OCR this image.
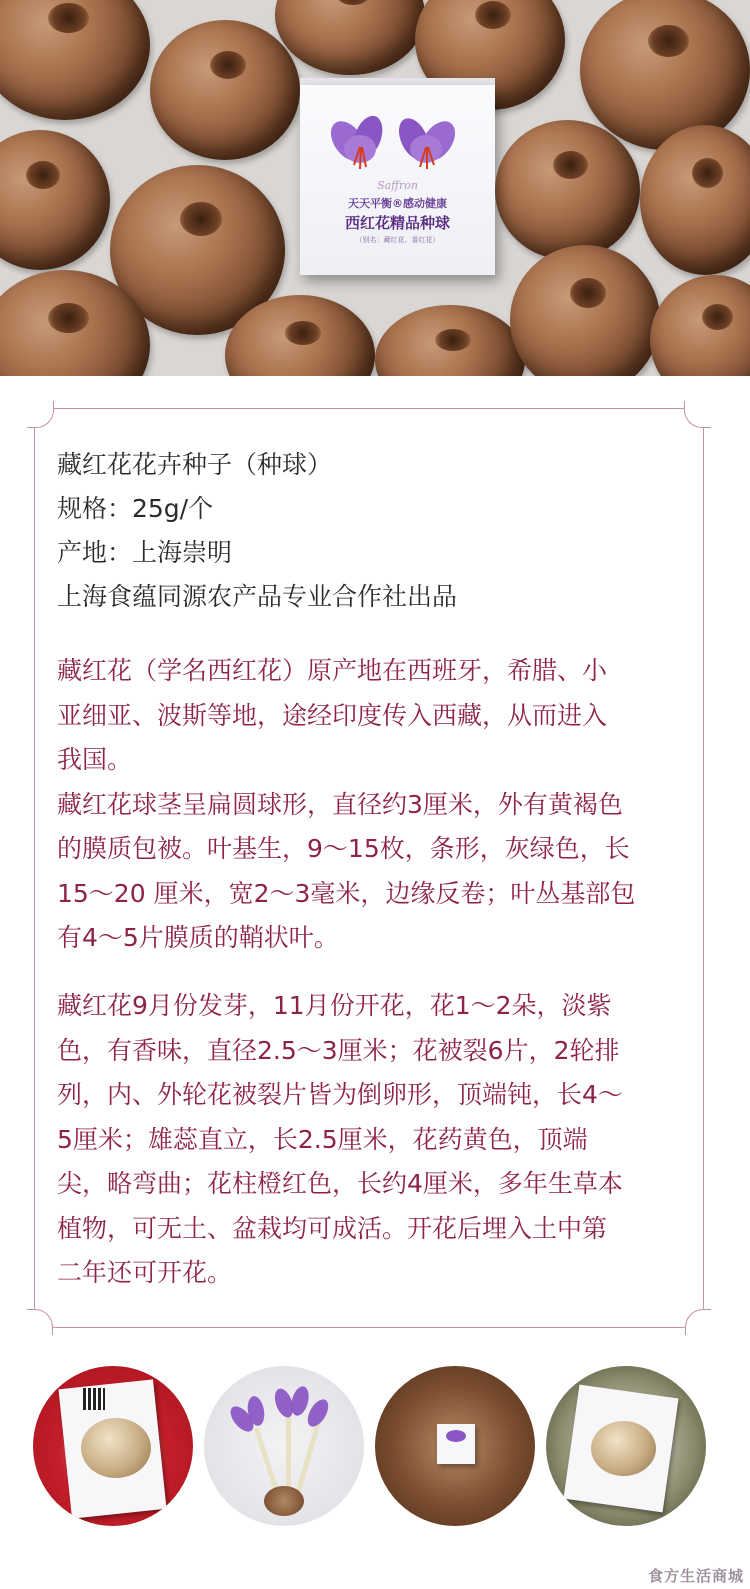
Saffron
天天平衡®感动健康
西红花精品种球
（别名：藏红花、番红花）
藏红花花卉种子（种球）
规格：25g/个
产地：上海崇明
上海食蕴同源农产品专业合作社出品

藏红花（学名西红花）原产地在西班牙，希腊、小

亚细亚、波斯等地，途经印度传入西藏，从而进入

我国。

藏红花球茎呈扁圆球形，直径约3厘米，外有黄褐色

的膜质包被。叶基生，9～15枚，条形，灰绿色，长

15～20 厘米，宽2～3毫米，边缘反卷；叶丛基部包

有4～5片膜质的鞘状叶。

藏红花9月份发芽，11月份开花，花1～2朵，淡紫

色，有香味，直径2.5～3厘米；花被裂6片，2轮排

列，内、外轮花被裂片皆为倒卵形，顶端钝，长4～

5厘米；雄蕊直立，长2.5厘米，花药黄色，顶端

尖，略弯曲；花柱橙红色，长约4厘米，多年生草本

植物，可无土、盆栽均可成活。开花后埋入土中第

二年还可开花。

食方生活商城
